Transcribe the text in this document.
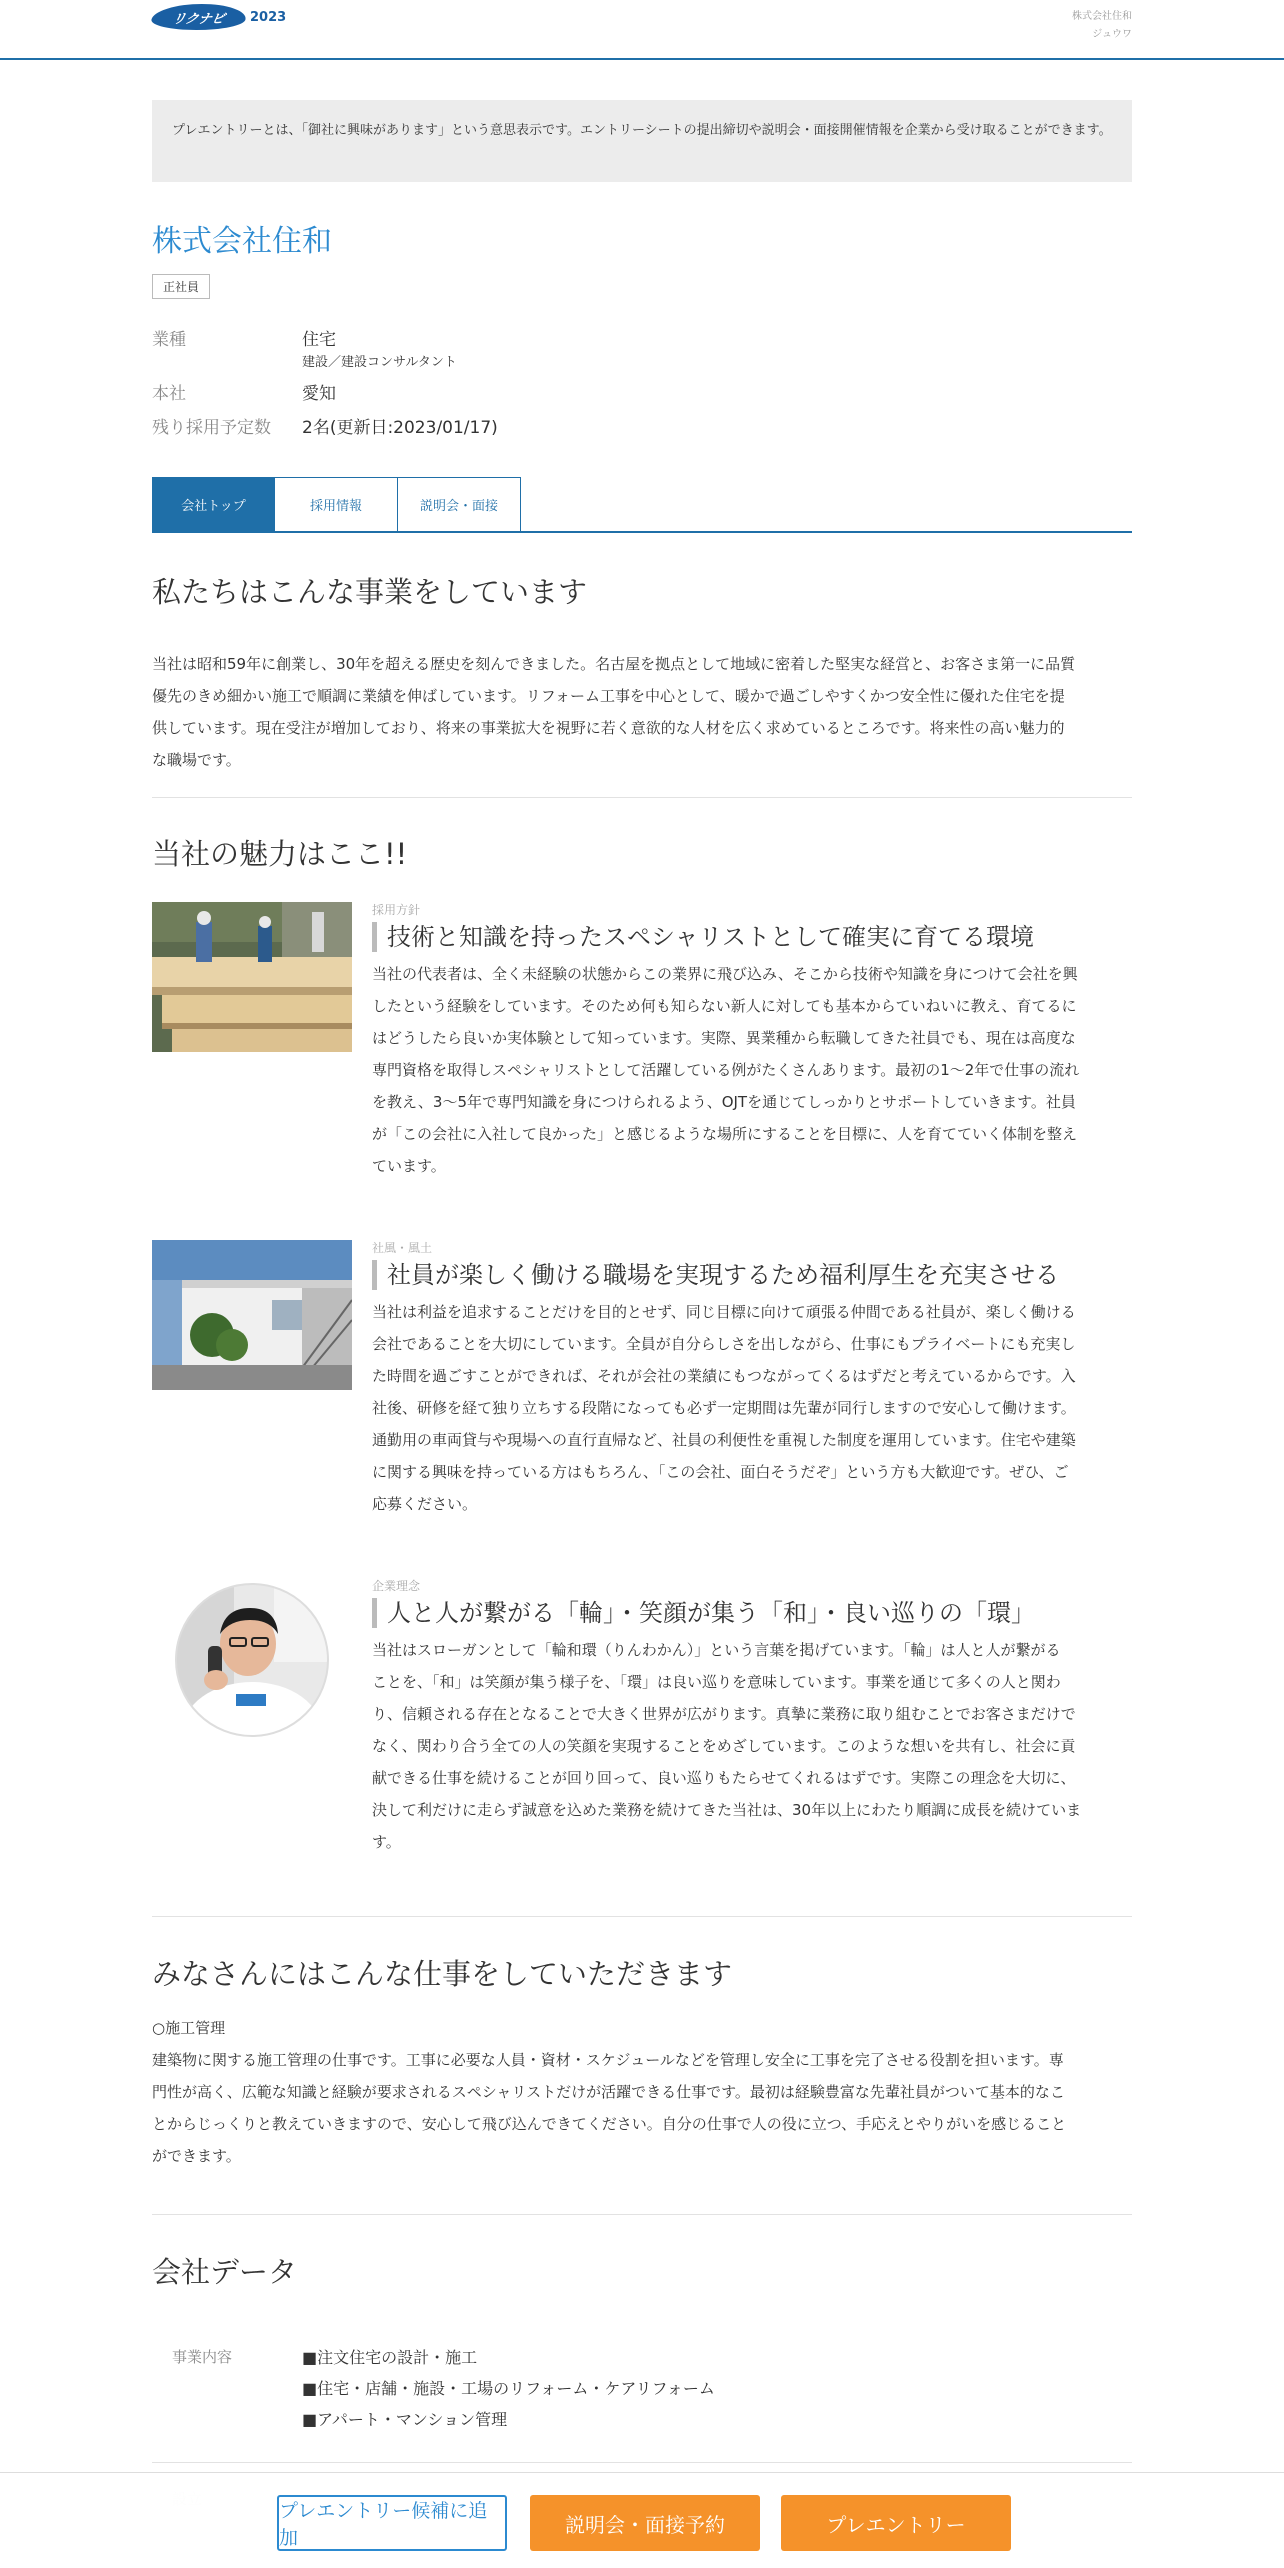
リクナビ 2023	株式会社住和
ジュウワ
プレエントリーとは、「御社に興味があります」という意思表示です。エントリーシートの提出締切や説明会・面接開催情報を企業から受け取ることができます。
株式会社住和
正社員
業種	住宅
建設／建設コンサルタント
本社	愛知
残り採用予定数	2名(更新日:2023/01/17)
会社トップ	採用情報	説明会・面接
私たちはこんな事業をしています
当社は昭和59年に創業し、30年を超える歴史を刻んできました。名古屋を拠点として地域に密着した堅実な経営と、お客さま第一に品質
優先のきめ細かい施工で順調に業績を伸ばしています。リフォーム工事を中心として、暖かで過ごしやすくかつ安全性に優れた住宅を提
供しています。現在受注が増加しており、将来の事業拡大を視野に若く意欲的な人材を広く求めているところです。将来性の高い魅力的
な職場です。
当社の魅力はここ!!
採用方針
技術と知識を持ったスペシャリストとして確実に育てる環境
当社の代表者は、全く未経験の状態からこの業界に飛び込み、そこから技術や知識を身につけて会社を興
したという経験をしています。そのため何も知らない新人に対しても基本からていねいに教え、育てるに
はどうしたら良いか実体験として知っています。実際、異業種から転職してきた社員でも、現在は高度な
専門資格を取得しスペシャリストとして活躍している例がたくさんあります。最初の1～2年で仕事の流れ
を教え、3～5年で専門知識を身につけられるよう、OJTを通じてしっかりとサポートしていきます。社員
が「この会社に入社して良かった」と感じるような場所にすることを目標に、人を育てていく体制を整え
ています。
社風・風土
社員が楽しく働ける職場を実現するため福利厚生を充実させる
当社は利益を追求することだけを目的とせず、同じ目標に向けて頑張る仲間である社員が、楽しく働ける
会社であることを大切にしています。全員が自分らしさを出しながら、仕事にもプライベートにも充実し
た時間を過ごすことができれば、それが会社の業績にもつながってくるはずだと考えているからです。入
社後、研修を経て独り立ちする段階になっても必ず一定期間は先輩が同行しますので安心して働けます。
通勤用の車両貸与や現場への直行直帰など、社員の利便性を重視した制度を運用しています。住宅や建築
に関する興味を持っている方はもちろん、「この会社、面白そうだぞ」という方も大歓迎です。ぜひ、ご
応募ください。
企業理念
人と人が繋がる「輪」・笑顔が集う「和」・良い巡りの「環」
当社はスローガンとして「輪和環（りんわかん）」という言葉を掲げています。「輪」は人と人が繋がる
ことを、「和」は笑顔が集う様子を、「環」は良い巡りを意味しています。事業を通じて多くの人と関わ
り、信頼される存在となることで大きく世界が広がります。真摯に業務に取り組むことでお客さまだけで
なく、関わり合う全ての人の笑顔を実現することをめざしています。このような想いを共有し、社会に貢
献できる仕事を続けることが回り回って、良い巡りもたらせてくれるはずです。実際この理念を大切に、
決して利だけに走らず誠意を込めた業務を続けてきた当社は、30年以上にわたり順調に成長を続けていま
す。
みなさんにはこんな仕事をしていただきます
○施工管理
建築物に関する施工管理の仕事です。工事に必要な人員・資材・スケジュールなどを管理し安全に工事を完了させる役割を担います。専
門性が高く、広範な知識と経験が要求されるスペシャリストだけが活躍できる仕事です。最初は経験豊富な先輩社員がついて基本的なこ
とからじっくりと教えていきますので、安心して飛び込んできてください。自分の仕事で人の役に立つ、手応えとやりがいを感じること
ができます。
会社データ
事業内容	■注文住宅の設計・施工
■住宅・店舗・施設・工場のリフォーム・ケアリフォーム
■アパート・マンション管理
プレエントリー候補に追加
説明会・面接予約	プレエントリー
